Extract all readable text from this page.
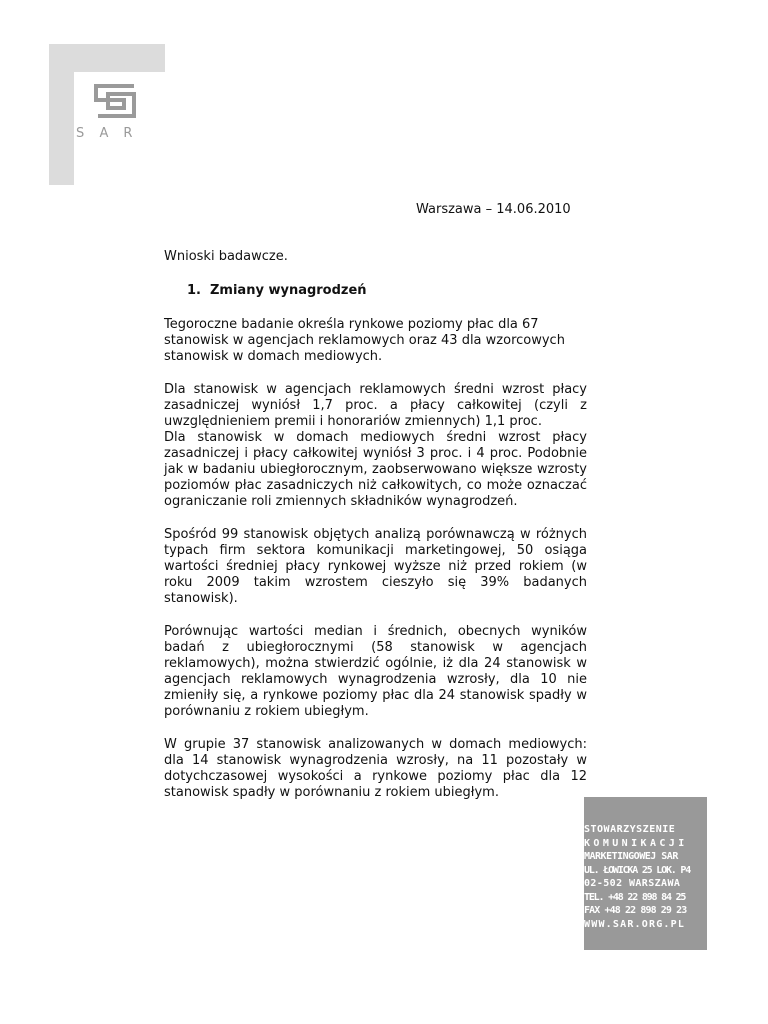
SAR
Warszawa – 14.06.2010

Wnioski badawcze.

1. Zmiany wynagrodzeń

Tegoroczne badanie określa rynkowe poziomy płac dla 67 stanowisk w agencjach reklamowych oraz 43 dla wzorcowych stanowisk w domach mediowych.

Dla stanowisk w agencjach reklamowych średni wzrost płacy zasadniczej wyniósł 1,7 proc. a płacy całkowitej (czyli z uwzględnieniem premii i honorariów zmiennych) 1,1 proc.

Dla stanowisk w domach mediowych średni wzrost płacy zasadniczej i płacy całkowitej wyniósł 3 proc. i 4 proc. Podobnie jak w badaniu ubiegłorocznym, zaobserwowano większe wzrosty poziomów płac zasadniczych niż całkowitych, co może oznaczać ograniczanie roli zmiennych składników wynagrodzeń.

Spośród 99 stanowisk objętych analizą porównawczą w różnych typach firm sektora komunikacji marketingowej, 50 osiąga wartości średniej płacy rynkowej wyższe niż przed rokiem (w roku 2009 takim wzrostem cieszyło się 39% badanych stanowisk).

Porównując wartości median i średnich, obecnych wyników badań z ubiegłorocznymi (58 stanowisk w agencjach reklamowych), można stwierdzić ogólnie, iż dla 24 stanowisk w agencjach reklamowych wynagrodzenia wzrosły, dla 10 nie zmieniły się, a rynkowe poziomy płac dla 24 stanowisk spadły w porównaniu z rokiem ubiegłym.

W grupie 37 stanowisk analizowanych w domach mediowych: dla 14 stanowisk wynagrodzenia wzrosły, na 11 pozostały w dotychczasowej wysokości a rynkowe poziomy płac dla 12 stanowisk spadły w porównaniu z rokiem ubiegłym.

STOWARZYSZENIE
KOMUNIKACJI
MARKETINGOWEJ SAR
UL. ŁOWICKA 25 LOK. P4
02-502 WARSZAWA
TEL. +48 22 898 84 25
FAX +48 22 898 29 23
WWW.SAR.ORG.PL
